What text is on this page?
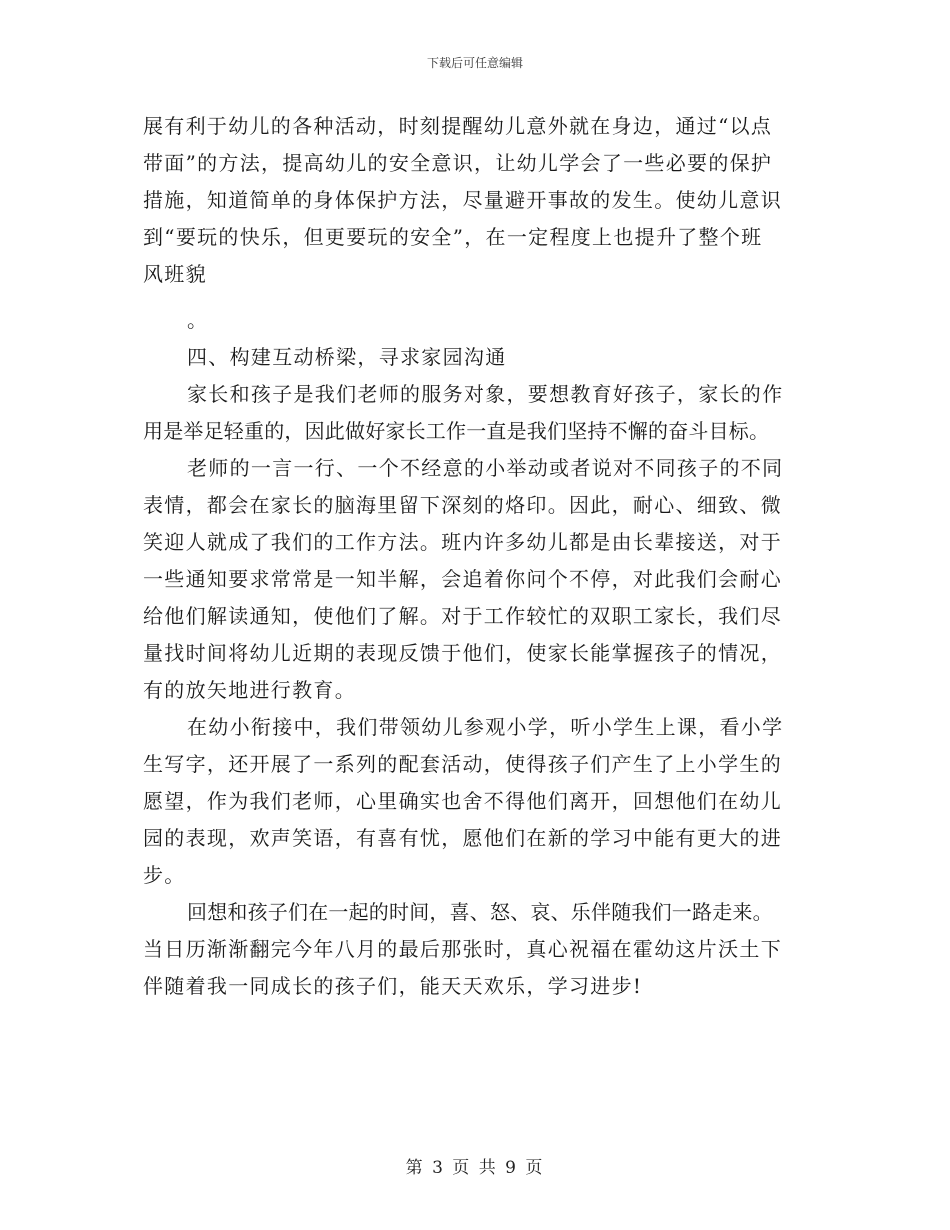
下载后可任意编辑
展有利于幼儿的各种活动，时刻提醒幼儿意外就在身边，通过“以点
带面”的方法，提高幼儿的安全意识，让幼儿学会了一些必要的保护
措施，知道简单的身体保护方法，尽量避开事故的发生。使幼儿意识
到“要玩的快乐，但更要玩的安全”，在一定程度上也提升了整个班
风班貌
。
四、构建互动桥梁，寻求家园沟通
家长和孩子是我们老师的服务对象，要想教育好孩子，家长的作
用是举足轻重的，因此做好家长工作一直是我们坚持不懈的奋斗目标。
老师的一言一行、一个不经意的小举动或者说对不同孩子的不同
表情，都会在家长的脑海里留下深刻的烙印。因此，耐心、细致、微
笑迎人就成了我们的工作方法。班内许多幼儿都是由长辈接送，对于
一些通知要求常常是一知半解，会追着你问个不停，对此我们会耐心
给他们解读通知，使他们了解。对于工作较忙的双职工家长，我们尽
量找时间将幼儿近期的表现反馈于他们，使家长能掌握孩子的情况，
有的放矢地进行教育。
在幼小衔接中，我们带领幼儿参观小学，听小学生上课，看小学
生写字，还开展了一系列的配套活动，使得孩子们产生了上小学生的
愿望，作为我们老师，心里确实也舍不得他们离开，回想他们在幼儿
园的表现，欢声笑语，有喜有忧，愿他们在新的学习中能有更大的进
步。
回想和孩子们在一起的时间，喜、怒、哀、乐伴随我们一路走来。
当日历渐渐翻完今年八月的最后那张时，真心祝福在霍幼这片沃土下
伴随着我一同成长的孩子们，能天天欢乐，学习进步!
第 3 页 共 9 页
